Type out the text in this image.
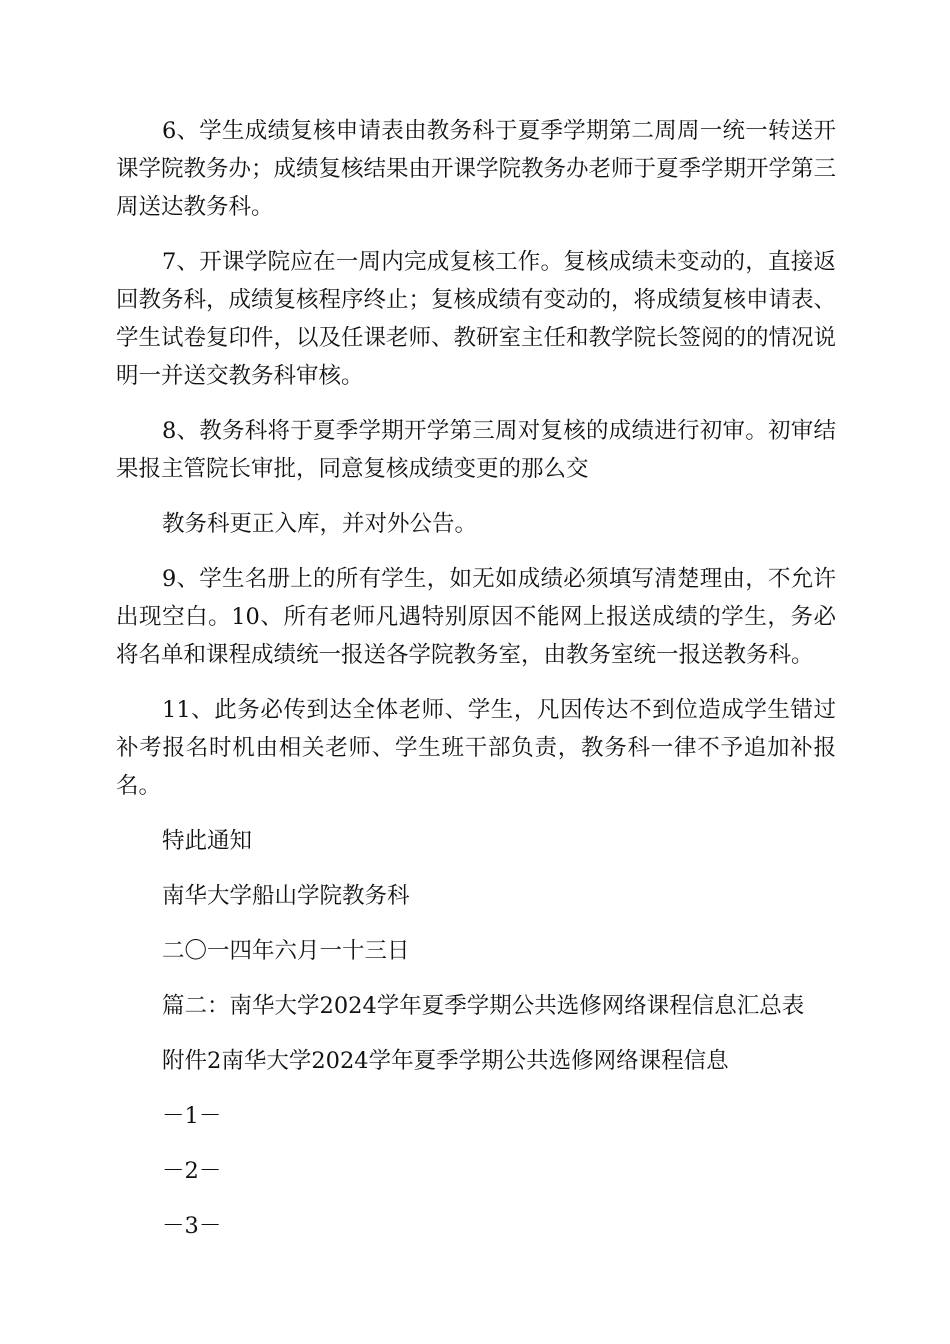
6、学生成绩复核申请表由教务科于夏季学期第二周周一统一转送开课学院教务办；成绩复核结果由开课学院教务办老师于夏季学期开学第三周送达教务科。

7、开课学院应在一周内完成复核工作。复核成绩未变动的，直接返回教务科，成绩复核程序终止；复核成绩有变动的，将成绩复核申请表、学生试卷复印件，以及任课老师、教研室主任和教学院长签阅的的情况说明一并送交教务科审核。

8、教务科将于夏季学期开学第三周对复核的成绩进行初审。初审结果报主管院长审批，同意复核成绩变更的那么交

教务科更正入库，并对外公告。

9、学生名册上的所有学生，如无如成绩必须填写清楚理由，不允许出现空白。10、所有老师凡遇特别原因不能网上报送成绩的学生，务必将名单和课程成绩统一报送各学院教务室，由教务室统一报送教务科。

11、此务必传到达全体老师、学生，凡因传达不到位造成学生错过补考报名时机由相关老师、学生班干部负责，教务科一律不予追加补报名。

特此通知

南华大学船山学院教务科

二〇一四年六月一十三日

篇二：南华大学2024学年夏季学期公共选修网络课程信息汇总表

附件2南华大学2024学年夏季学期公共选修网络课程信息

－1－

－2－

－3－
